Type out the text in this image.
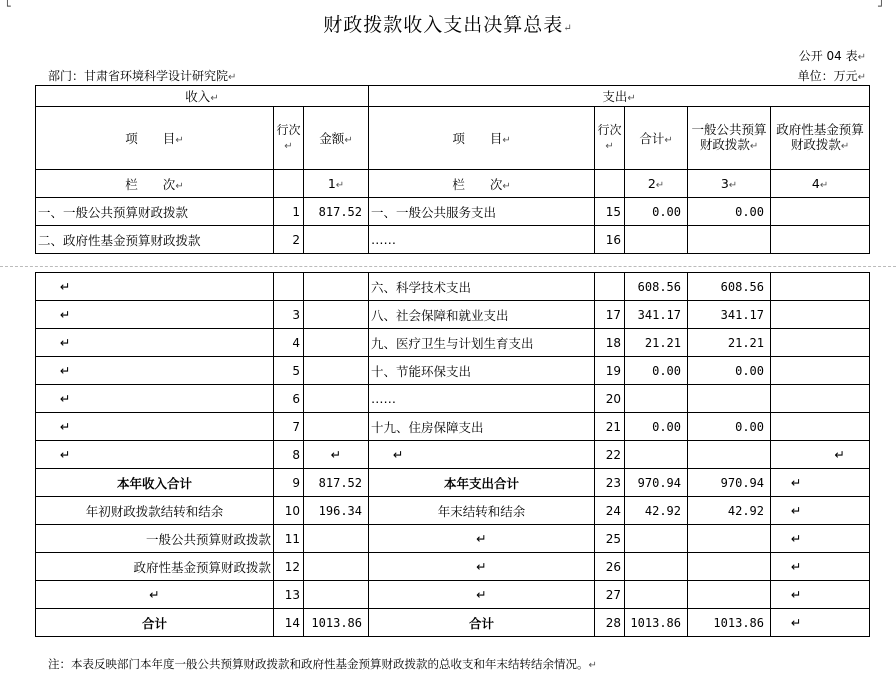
└	┘
财政拨款收入支出决算总表↵
公开 04 表↵
部门：甘肃省环境科学设计研究院↵	单位：万元↵
收入↵			支出↵				
项　　目↵	行次↵	金额↵	项　　目↵	行次↵	合计↵	一般公共预算财政拨款↵	政府性基金预算财政拨款↵
栏　　次↵		1↵	栏　　次↵		2↵	3↵	4↵
一、一般公共预算财政拨款	1	817.52	一、一般公共服务支出	15	0.00	0.00	
二、政府性基金预算财政拨款	2		……	16			
↵			六、科学技术支出		608.56	608.56	
↵	3		八、社会保障和就业支出	17	341.17	341.17	
↵	4		九、医疗卫生与计划生育支出	18	21.21	21.21	
↵	5		十、节能环保支出	19	0.00	0.00	
↵	6		……	20			
↵	7		十九、住房保障支出	21	0.00	0.00	
↵	8	↵	↵	22			↵
本年收入合计	9	817.52	本年支出合计	23	970.94	970.94	↵
年初财政拨款结转和结余	10	196.34	年末结转和结余	24	42.92	42.92	↵
一般公共预算财政拨款	11		↵	25			↵
政府性基金预算财政拨款	12		↵	26			↵
↵	13		↵	27			↵
合计	14	1013.86	合计	28	1013.86	1013.86	↵
注：本表反映部门本年度一般公共预算财政拨款和政府性基金预算财政拨款的总收支和年末结转结余情况。↵
